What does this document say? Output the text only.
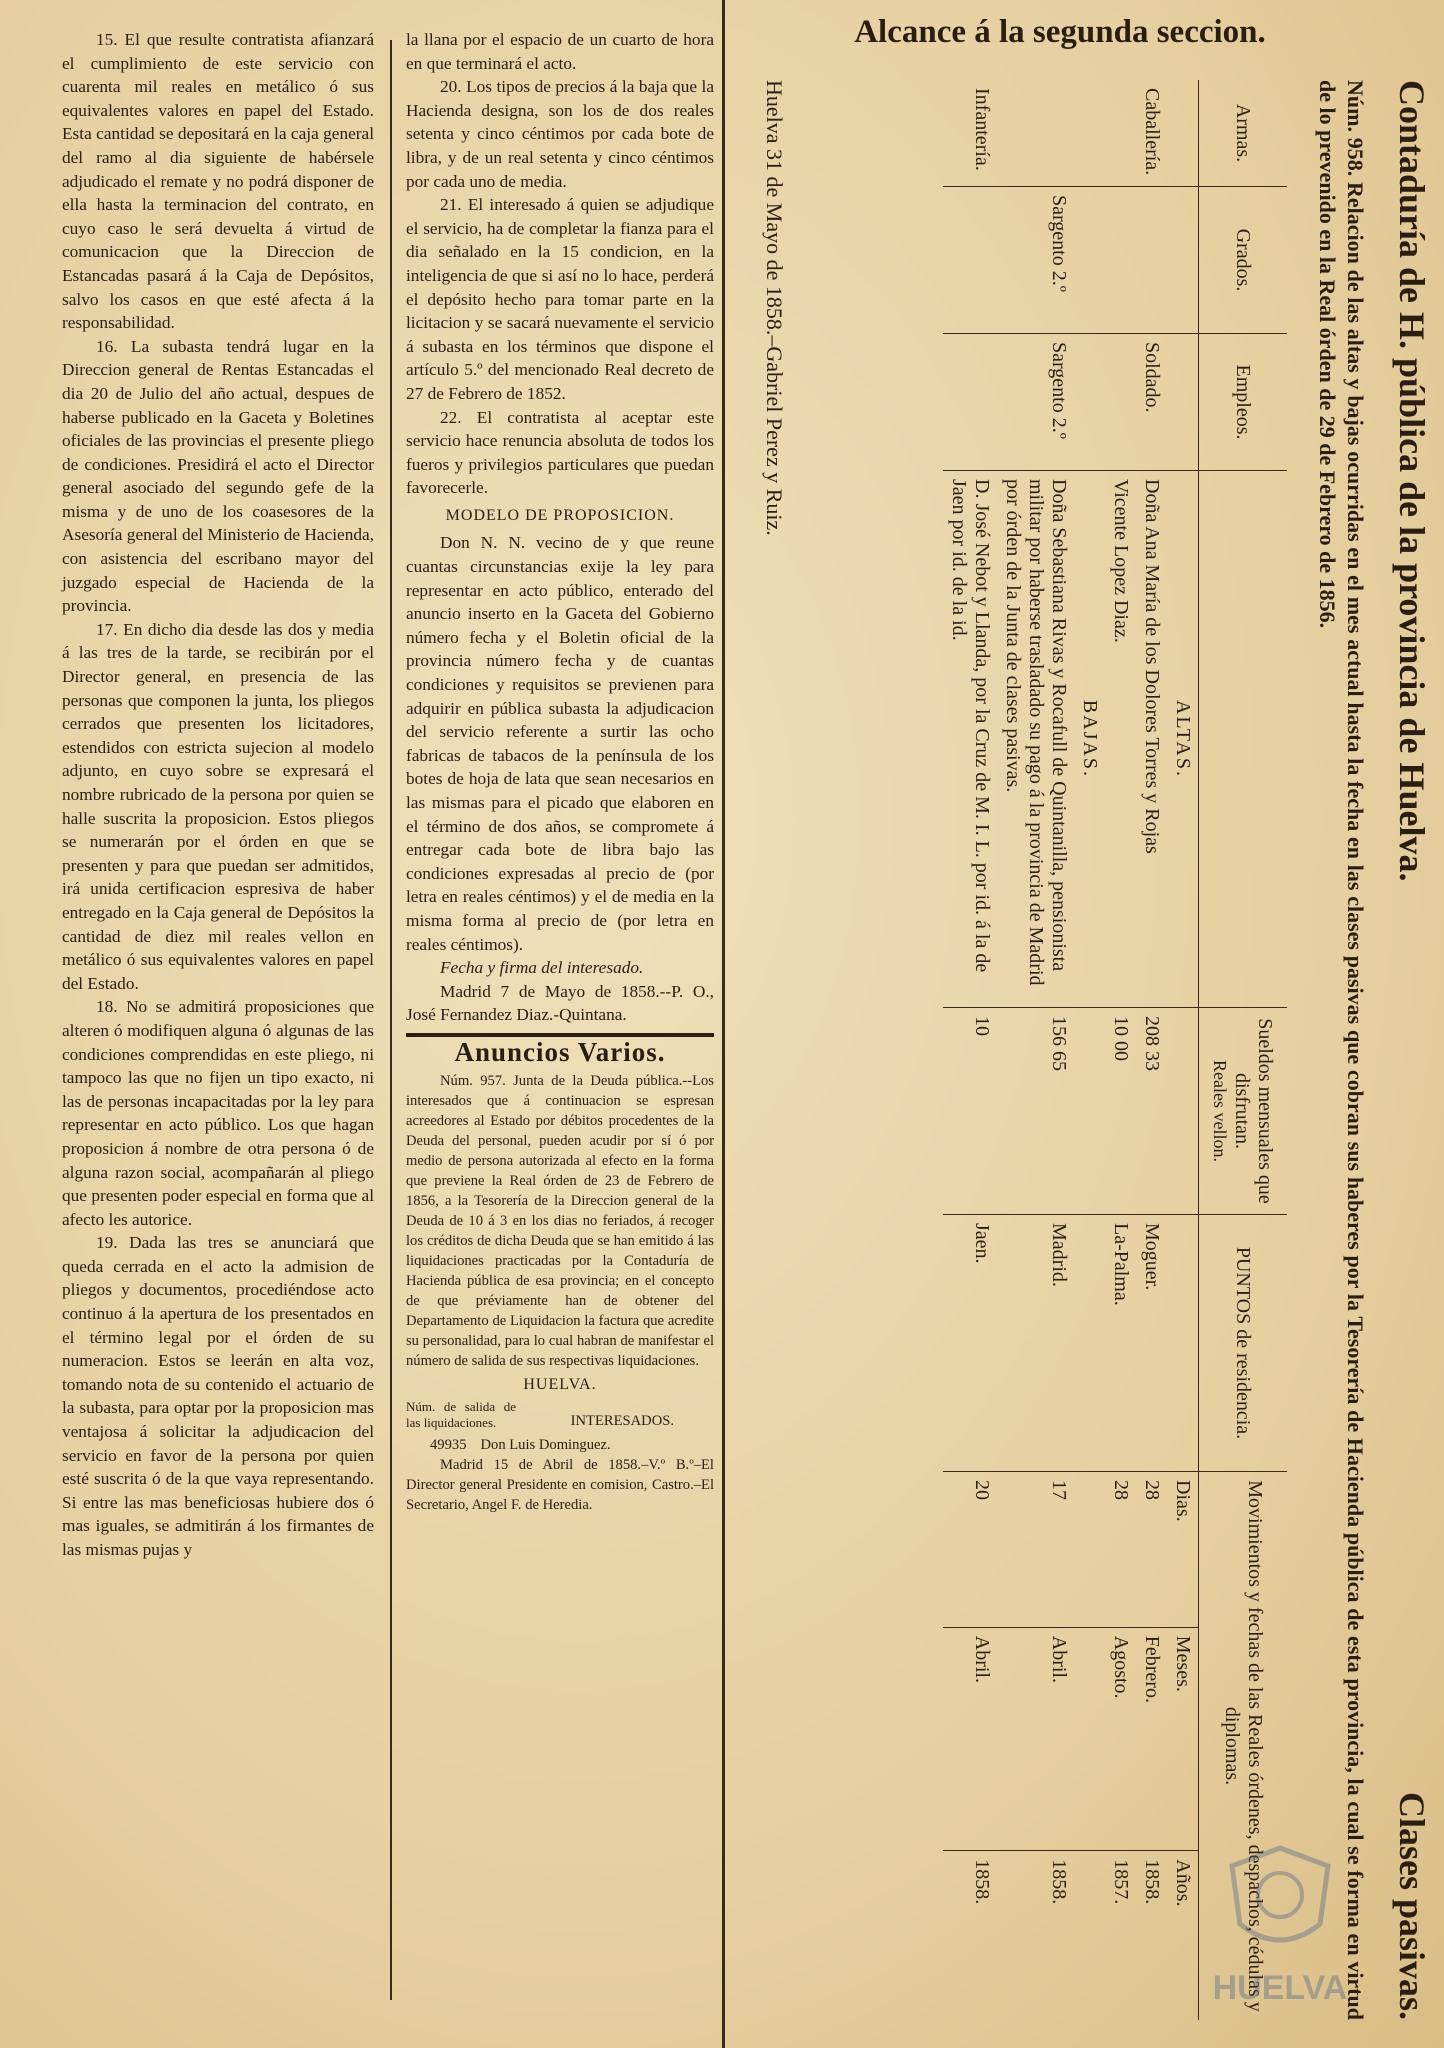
15. El que resulte contratista afianzará el cumplimiento de este servicio con cuarenta mil reales en metálico ó sus equivalentes valores en papel del Estado. Esta cantidad se depositará en la caja general del ramo al dia siguiente de habérsele adjudicado el remate y no podrá disponer de ella hasta la terminacion del contrato, en cuyo caso le será devuelta á virtud de comunicacion que la Direccion de Estancadas pasará á la Caja de Depósitos, salvo los casos en que esté afecta á la responsabilidad.

16. La subasta tendrá lugar en la Direccion general de Rentas Estancadas el dia 20 de Julio del año actual, despues de haberse publicado en la Gaceta y Boletines oficiales de las provincias el presente pliego de condiciones. Presidirá el acto el Director general asociado del segundo gefe de la misma y de uno de los coasesores de la Asesoría general del Ministerio de Hacienda, con asistencia del escribano mayor del juzgado especial de Hacienda de la provincia.

17. En dicho dia desde las dos y media á las tres de la tarde, se recibirán por el Director general, en presencia de las personas que componen la junta, los pliegos cerrados que presenten los licitadores, estendidos con estricta sujecion al modelo adjunto, en cuyo sobre se expresará el nombre rubricado de la persona por quien se halle suscrita la proposicion. Estos pliegos se numerarán por el órden en que se presenten y para que puedan ser admitidos, irá unida certificacion espresiva de haber entregado en la Caja general de Depósitos la cantidad de diez mil reales vellon en metálico ó sus equivalentes valores en papel del Estado.

18. No se admitirá proposiciones que alteren ó modifiquen alguna ó algunas de las condiciones comprendidas en este pliego, ni tampoco las que no fijen un tipo exacto, ni las de personas incapacitadas por la ley para representar en acto público. Los que hagan proposicion á nombre de otra persona ó de alguna razon social, acompañarán al pliego que presenten poder especial en forma que al afecto les autorice.

19. Dada las tres se anunciará que queda cerrada en el acto la admision de pliegos y documentos, procediéndose acto continuo á la apertura de los presentados en el término legal por el órden de su numeracion. Estos se leerán en alta voz, tomando nota de su contenido el actuario de la subasta, para optar por la proposicion mas ventajosa á solicitar la adjudicacion del servicio en favor de la persona por quien esté suscrita ó de la que vaya representando. Si entre las mas beneficiosas hubiere dos ó mas iguales, se admitirán á los firmantes de las mismas pujas y

la llana por el espacio de un cuarto de hora en que terminará el acto.

20. Los tipos de precios á la baja que la Hacienda designa, son los de dos reales setenta y cinco céntimos por cada bote de libra, y de un real setenta y cinco céntimos por cada uno de media.

21. El interesado á quien se adjudique el servicio, ha de completar la fianza para el dia señalado en la 15 condicion, en la inteligencia de que si así no lo hace, perderá el depósito hecho para tomar parte en la licitacion y se sacará nuevamente el servicio á subasta en los términos que dispone el artículo 5.º del mencionado Real decreto de 27 de Febrero de 1852.

22. El contratista al aceptar este servicio hace renuncia absoluta de todos los fueros y privilegios particulares que puedan favorecerle.

MODELO DE PROPOSICION.

Don N. N. vecino de y que reune cuantas circunstancias exije la ley para representar en acto público, enterado del anuncio inserto en la Gaceta del Gobierno número fecha y el Boletin oficial de la provincia número fecha y de cuantas condiciones y requisitos se previenen para adquirir en pública subasta la adjudicacion del servicio referente a surtir las ocho fabricas de tabacos de la península de los botes de hoja de lata que sean necesarios en las mismas para el picado que elaboren en el término de dos años, se compromete á entregar cada bote de libra bajo las condiciones expresadas al precio de (por letra en reales céntimos) y el de media en la misma forma al precio de (por letra en reales céntimos).

Fecha y firma del interesado.

Madrid 7 de Mayo de 1858.--P. O., José Fernandez Diaz.-Quintana.

Anuncios Varios.

Núm. 957. Junta de la Deuda pública.--Los interesados que á continuacion se espresan acreedores al Estado por débitos procedentes de la Deuda del personal, pueden acudir por sí ó por medio de persona autorizada al efecto en la forma que previene la Real órden de 23 de Febrero de 1856, a la Tesorería de la Direccion general de la Deuda de 10 á 3 en los dias no feriados, á recoger los créditos de dicha Deuda que se han emitido á las liquidaciones practicadas por la Contaduría de Hacienda pública de esa provincia; en el concepto de que préviamente han de obtener del Departamento de Liquidacion la factura que acredite su personalidad, para lo cual habran de manifestar el número de salida de sus respectivas liquidaciones.

HUELVA.
Núm. de salida de las liquidaciones.	INTERESADOS.
49935 Don Luis Dominguez.

Madrid 15 de Abril de 1858.–V.º B.º–El Director general Presidente en comision, Castro.–El Secretario, Angel F. de Heredia.

Alcance á la segunda seccion.
Contaduría de H. pública de la provincia de Huelva.
Clases pasivas.
Núm. 958. Relacion de las altas y bajas ocurridas en el mes actual hasta la fecha en las clases pasivas que cobran sus haberes por la Tesorería de Hacienda pública de esta provincia, la cual se forma en virtud de lo prevenido en la Real órden de 29 de Febrero de 1856.
Armas.	Grados.	Empleos.		Sueldos mensuales que disfrutan.
Reales vellon.	PUNTOS de residencia.	Movimientos y fechas de las Reales órdenes, despachos, cédulas y diplomas.		
			ALTAS.			Dias.	Meses.	Años.
Caballería.		Soldado.	Doña Ana María de los Dolores Torres y Rojas	208 33	Moguer.	28	Febrero.	1858.
			Vicente Lopez Diaz.	10 00	La-Palma.	28	Agosto.	1857.
			BAJAS.					
	Sargento 2.º	Sargento 2.º	Doña Sebastiana Rivas y Rocafull de Quintanilla, pensionista militar por haberse trasladado su pago á la provincia de Madrid por órden de la Junta de clases pasivas.	156 65	Madrid.	17	Abril.	1858.
Infantería.			D. José Nebot y Llanda, por la Cruz de M. I. L. por id. á la de Jaen por id. de la id.	10	Jaen.	20	Abril.	1858.
Huelva 31 de Mayo de 1858.–Gabriel Perez y Ruiz.
HUELVA
